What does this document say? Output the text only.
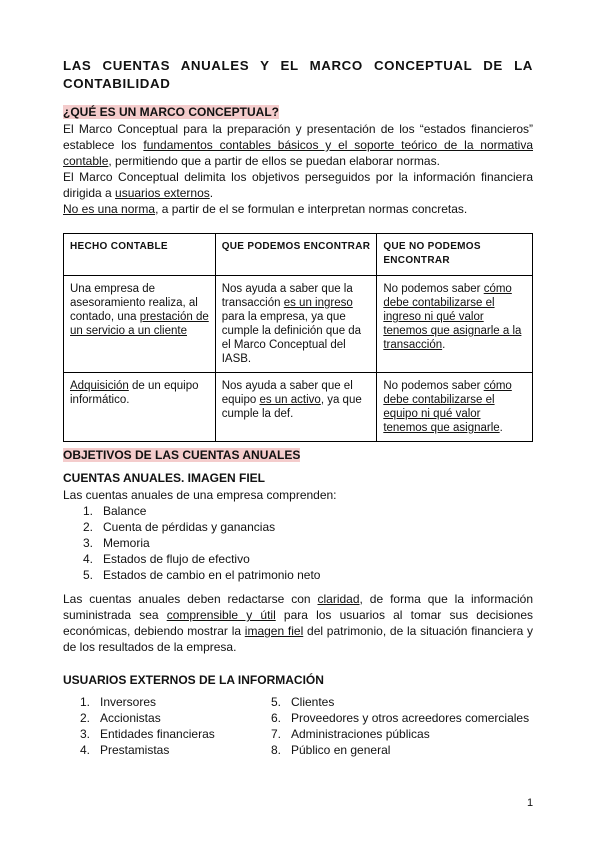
LAS CUENTAS ANUALES Y EL MARCO CONCEPTUAL DE LA CONTABILIDAD
¿QUÉ ES UN MARCO CONCEPTUAL?

El Marco Conceptual para la preparación y presentación de los “estados financieros” establece los fundamentos contables básicos y el soporte teórico de la normativa contable, permitiendo que a partir de ellos se puedan elaborar normas.

El Marco Conceptual delimita los objetivos perseguidos por la información financiera dirigida a usuarios externos.

No es una norma, a partir de el se formulan e interpretan normas concretas.

HECHO CONTABLE	QUE PODEMOS ENCONTRAR	QUE NO PODEMOS ENCONTRAR
Una empresa de asesoramiento realiza, al contado, una prestación de un servicio a un cliente	Nos ayuda a saber que la transacción es un ingreso para la empresa, ya que cumple la definición que da el Marco Conceptual del IASB.	No podemos saber cómo debe contabilizarse el ingreso ni qué valor tenemos que asignarle a la transacción.
Adquisición de un equipo informático.	Nos ayuda a saber que el equipo es un activo, ya que cumple la def.	No podemos saber cómo debe contabilizarse el equipo ni qué valor tenemos que asignarle.
OBJETIVOS DE LAS CUENTAS ANUALES
CUENTAS ANUALES. IMAGEN FIEL
Las cuentas anuales de una empresa comprenden:
1. Balance
2. Cuenta de pérdidas y ganancias
3. Memoria
4. Estados de flujo de efectivo
5. Estados de cambio en el patrimonio neto

Las cuentas anuales deben redactarse con claridad, de forma que la información suministrada sea comprensible y útil para los usuarios al tomar sus decisiones económicas, debiendo mostrar la imagen fiel del patrimonio, de la situación financiera y de los resultados de la empresa.

USUARIOS EXTERNOS DE LA INFORMACIÓN
1. Inversores
2. Accionistas
3. Entidades financieras
4. Prestamistas
5. Clientes
6. Proveedores y otros acreedores comerciales
7. Administraciones públicas
8. Público en general
1
